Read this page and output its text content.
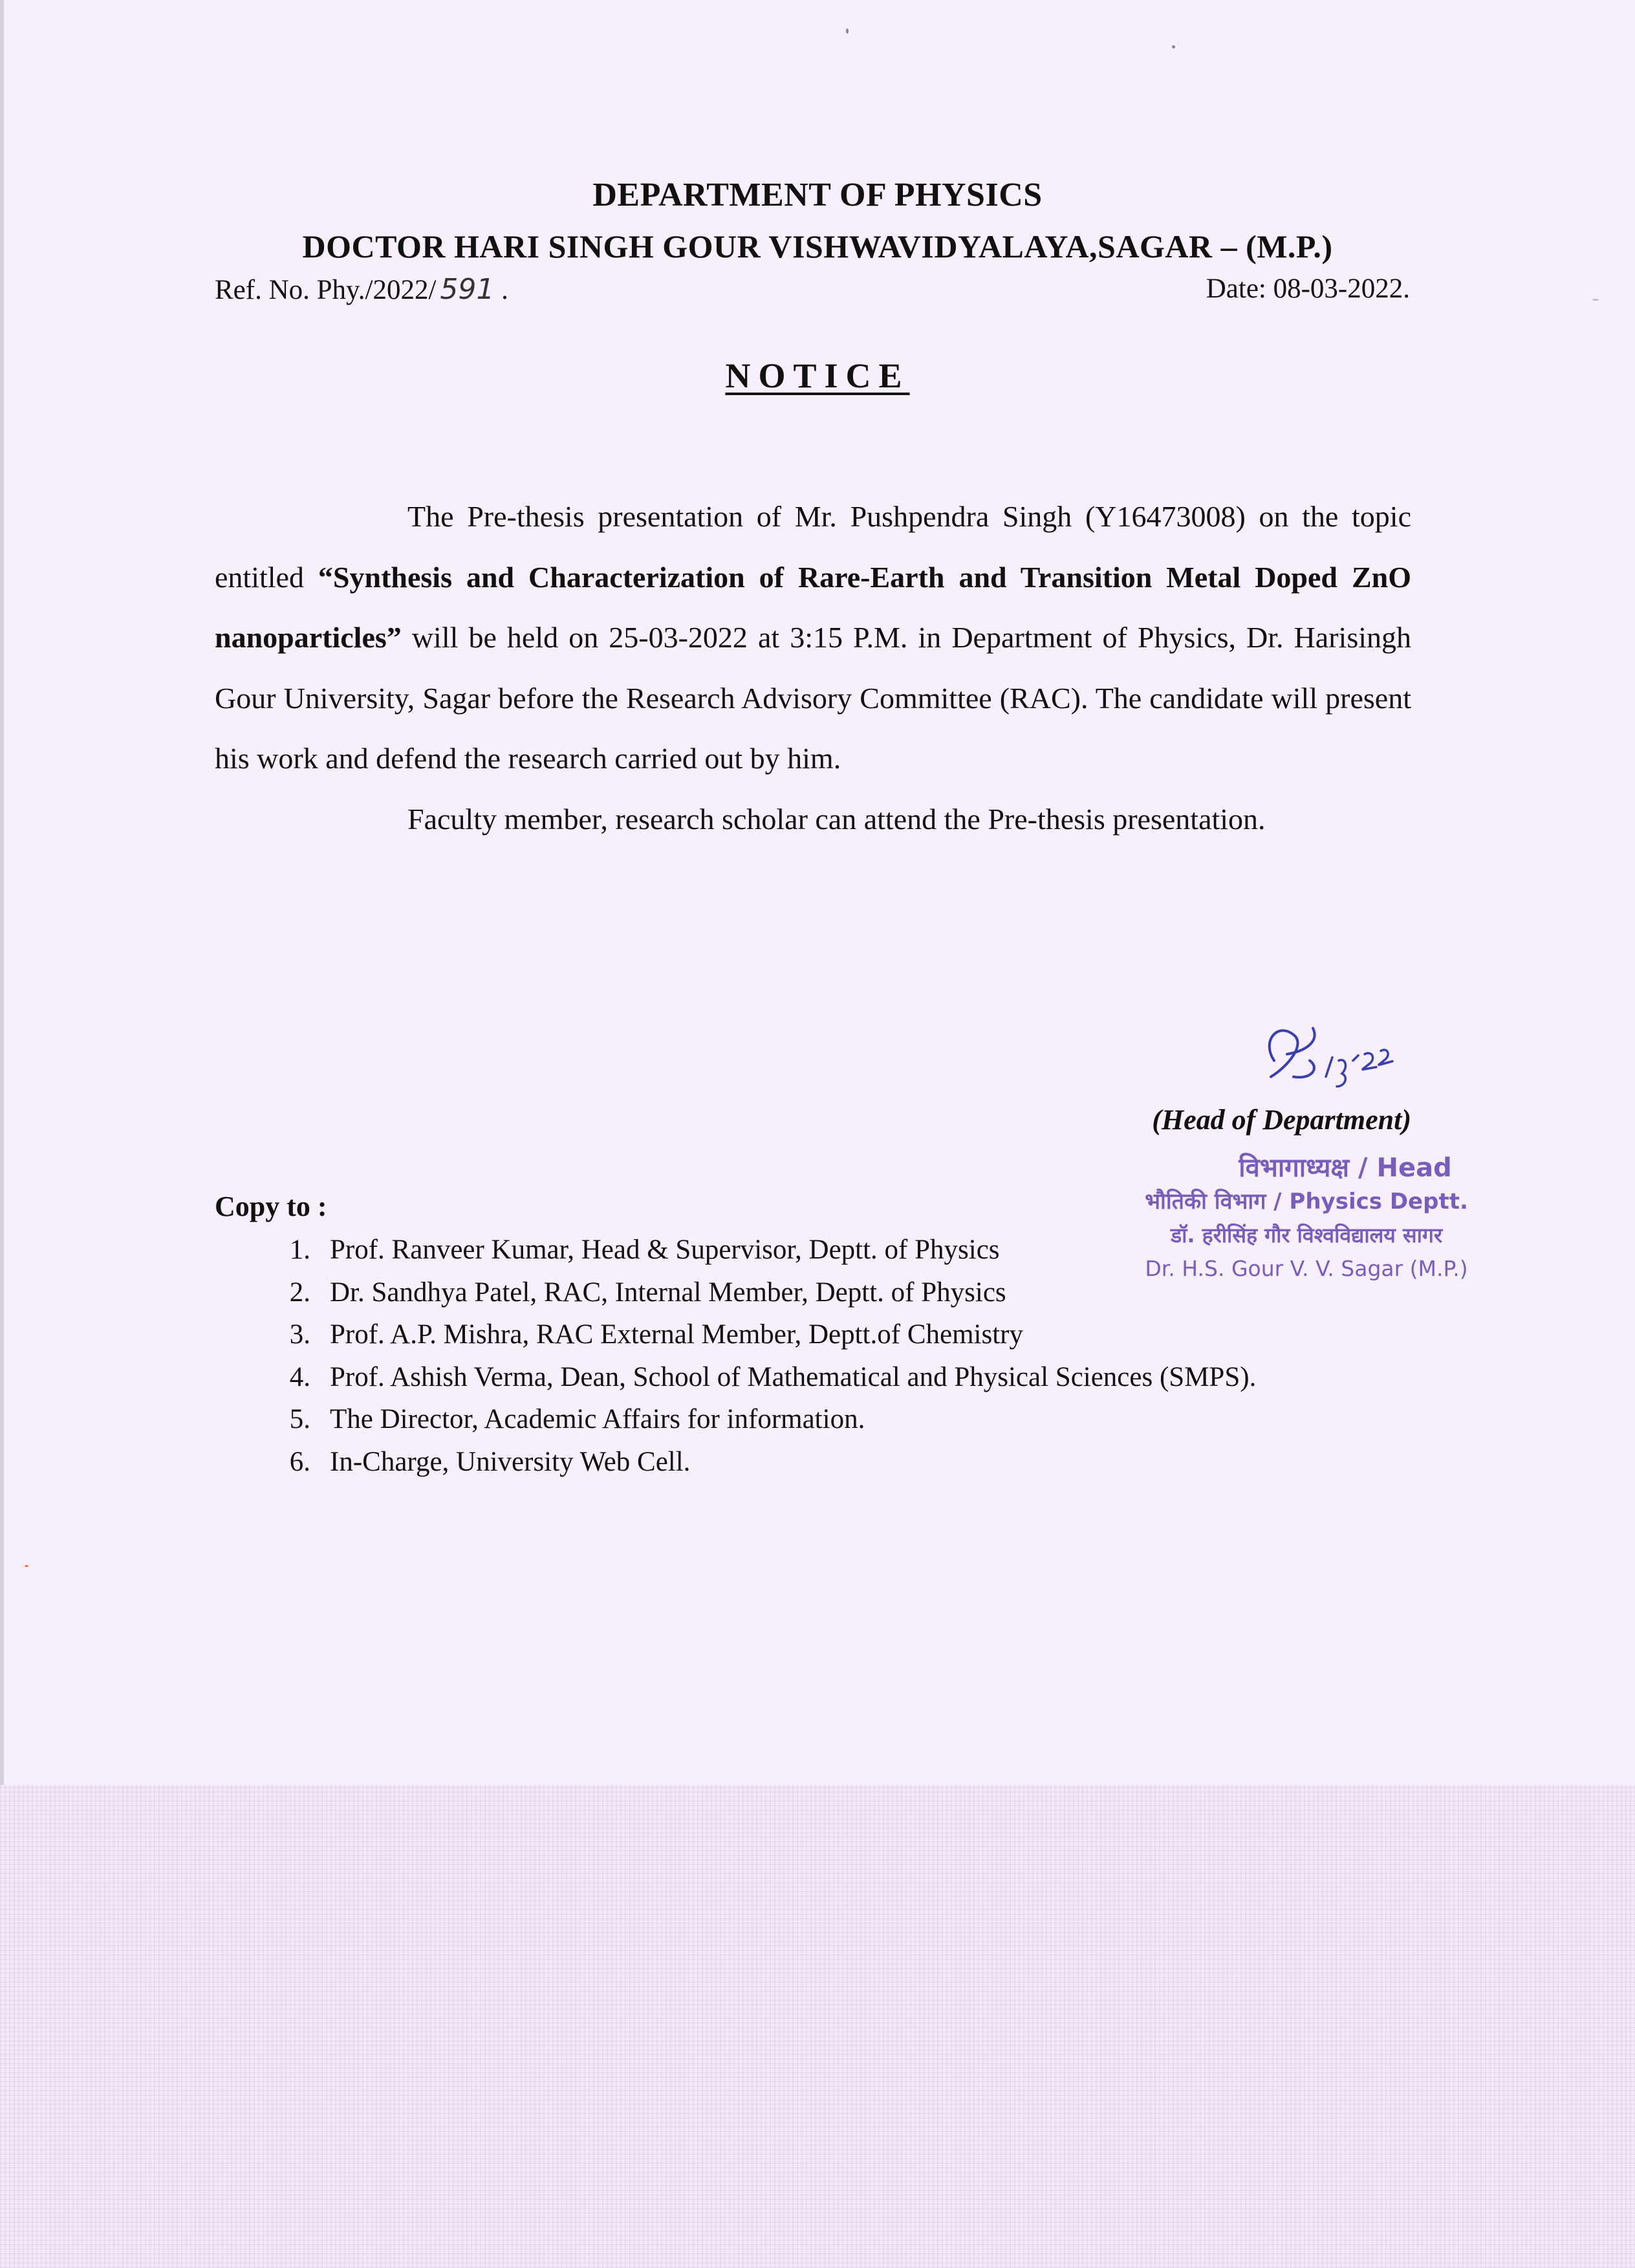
DEPARTMENT OF PHYSICS
DOCTOR HARI SINGH GOUR VISHWAVIDYALAYA,SAGAR – (M.P.)
Ref. No. Phy./2022/ 591 .	Date: 08-03-2022.
NOTICE

The Pre-thesis presentation of Mr. Pushpendra Singh (Y16473008) on the topic entitled “Synthesis and Characterization of Rare-Earth and Transition Metal Doped ZnO nanoparticles” will be held on 25-03-2022 at 3:15 P.M. in Department of Physics, Dr. Harisingh Gour University, Sagar before the Research Advisory Committee (RAC). The candidate will present his work and defend the research carried out by him.

Faculty member, research scholar can attend the Pre-thesis presentation.

(Head of Department)
विभागाध्यक्ष / Head
भौतिकी विभाग / Physics Deptt.
डॉ. हरीसिंह गौर विश्वविद्यालय सागर
Dr. H.S. Gour V. V. Sagar (M.P.)
Copy to :
1. Prof. Ranveer Kumar, Head & Supervisor, Deptt. of Physics
2. Dr. Sandhya Patel, RAC, Internal Member, Deptt. of Physics
3. Prof. A.P. Mishra, RAC External Member, Deptt.of Chemistry
4. Prof. Ashish Verma, Dean, School of Mathematical and Physical Sciences (SMPS).
5. The Director, Academic Affairs for information.
6. In-Charge, University Web Cell.
